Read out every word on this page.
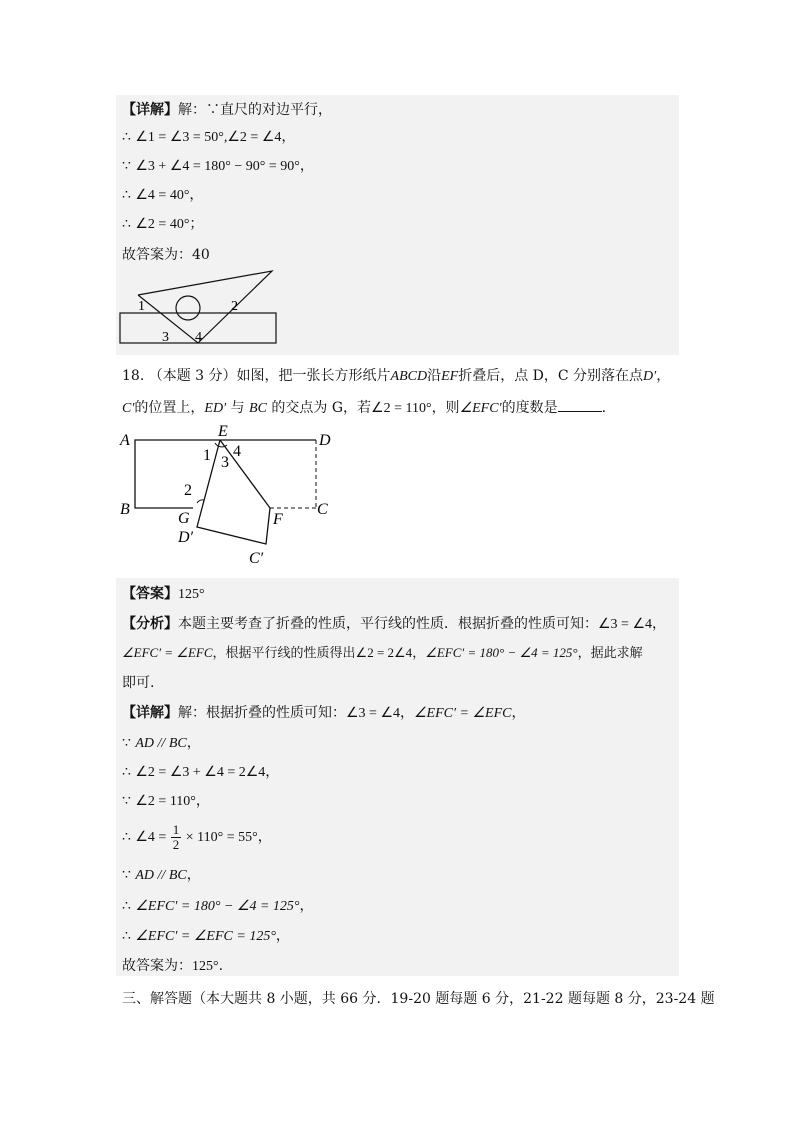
【详解】解：∵直尺的对边平行，
∴ ∠1 = ∠3 = 50°,∠2 = ∠4，
∵ ∠3 + ∠4 = 180° − 90° = 90°，
∴ ∠4 = 40°，
∴ ∠2 = 40°；
故答案为：40
1	2
3 4
18. （本题 3 分）如图，把一张长方形纸片ABCD沿EF折叠后，点 D，C 分别落在点D′，
C′的位置上，ED′ 与 BC 的交点为 G，若∠2 = 110°，则∠EFC′的度数是	.
A
E
D
1 4
3
2
B
G	F
C
D′
C′
【答案】125°
【分析】本题主要考查了折叠的性质，平行线的性质．根据折叠的性质可知：∠3 = ∠4，
∠EFC′ = ∠EFC，根据平行线的性质得出∠2 = 2∠4，∠EFC′ = 180° − ∠4 = 125°，据此求解
即可.
【详解】解：根据折叠的性质可知：∠3 = ∠4，∠EFC′ = ∠EFC，
∵ AD // BC，
∴ ∠2 = ∠3 + ∠4 = 2∠4，
∵ ∠2 = 110°，
∴ ∠4 = $\frac{1}{2} \times 110^\circ = 55^\circ$，
∵ AD // BC，
∴ ∠EFC′ = 180° − ∠4 = 125°，
∴ ∠EFC′ = ∠EFC = 125°，
故答案为：125°.
三、解答题（本大题共 8 小题，共 66 分．19-20 题每题 6 分，21-22 题每题 8 分，23-24 题
